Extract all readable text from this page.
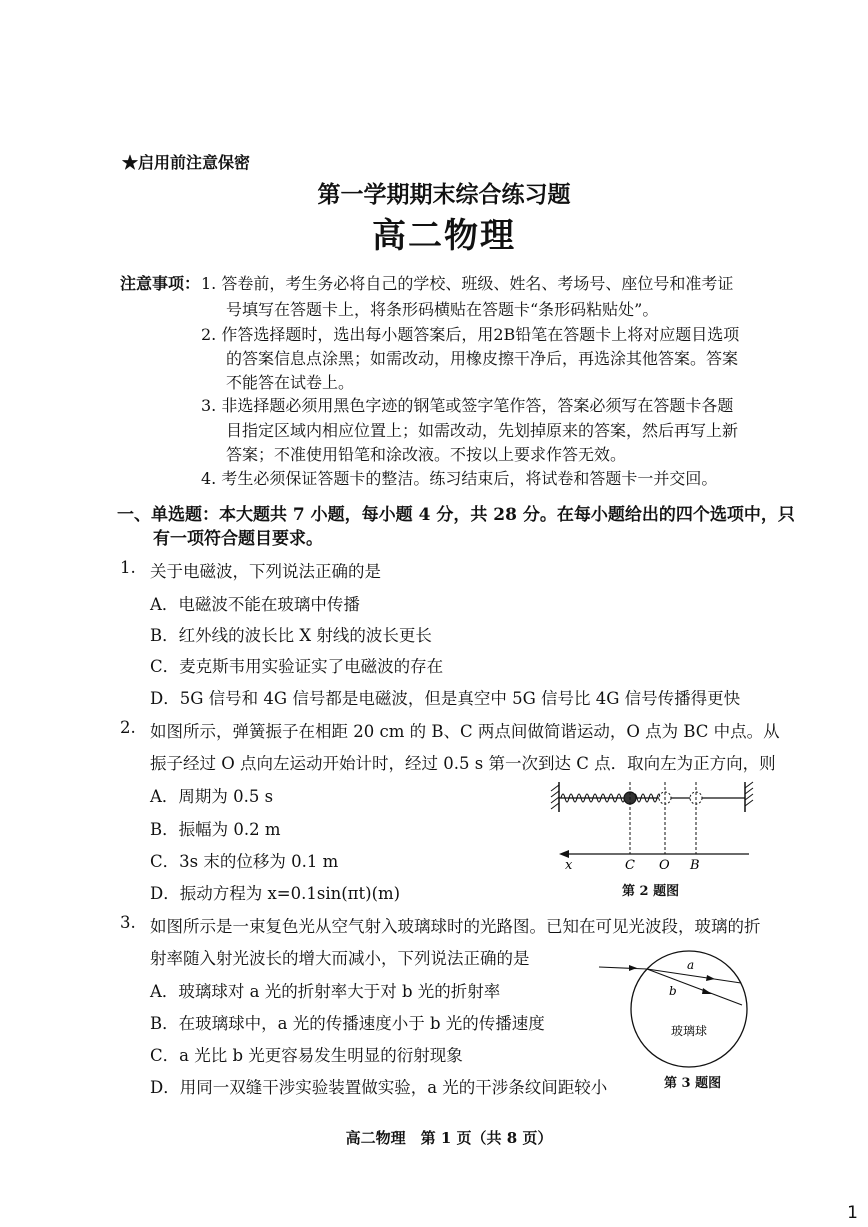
★启用前注意保密
第一学期期末综合练习题
高二物理
注意事项： 1. 答卷前，考生务必将自己的学校、班级、姓名、考场号、座位号和准考证
号填写在答题卡上，将条形码横贴在答题卡“条形码粘贴处”。
2. 作答选择题时，选出每小题答案后，用2B铅笔在答题卡上将对应题目选项
的答案信息点涂黑；如需改动，用橡皮擦干净后，再选涂其他答案。答案
不能答在试卷上。
3. 非选择题必须用黑色字迹的钢笔或签字笔作答，答案必须写在答题卡各题
目指定区域内相应位置上；如需改动，先划掉原来的答案，然后再写上新
答案；不准使用铅笔和涂改液。不按以上要求作答无效。
4. 考生必须保证答题卡的整洁。练习结束后，将试卷和答题卡一并交回。
一、单选题：本大题共 7 小题，每小题 4 分，共 28 分。在每小题给出的四个选项中，只
有一项符合题目要求。
1. 关于电磁波，下列说法正确的是
A．电磁波不能在玻璃中传播
B．红外线的波长比 X 射线的波长更长
C．麦克斯韦用实验证实了电磁波的存在
D．5G 信号和 4G 信号都是电磁波，但是真空中 5G 信号比 4G 信号传播得更快
2. 如图所示，弹簧振子在相距 20 cm 的 B、C 两点间做简谐运动，O 点为 BC 中点。从
振子经过 O 点向左运动开始计时，经过 0.5 s 第一次到达 C 点．取向左为正方向，则
A．周期为 0.5 s
B．振幅为 0.2 m
C．3s 末的位移为 0.1 m
D．振动方程为 x=0.1sin(πt)(m)
x	C O B
第 2 题图
3. 如图所示是一束复色光从空气射入玻璃球时的光路图。已知在可见光波段，玻璃的折
射率随入射光波长的增大而减小，下列说法正确的是
A．玻璃球对 a 光的折射率大于对 b 光的折射率
B．在玻璃球中，a 光的传播速度小于 b 光的传播速度
C．a 光比 b 光更容易发生明显的衍射现象
D．用同一双缝干涉实验装置做实验，a 光的干涉条纹间距较小
a
b
玻璃球
第 3 题图
高二物理　第 1 页（共 8 页）
1
